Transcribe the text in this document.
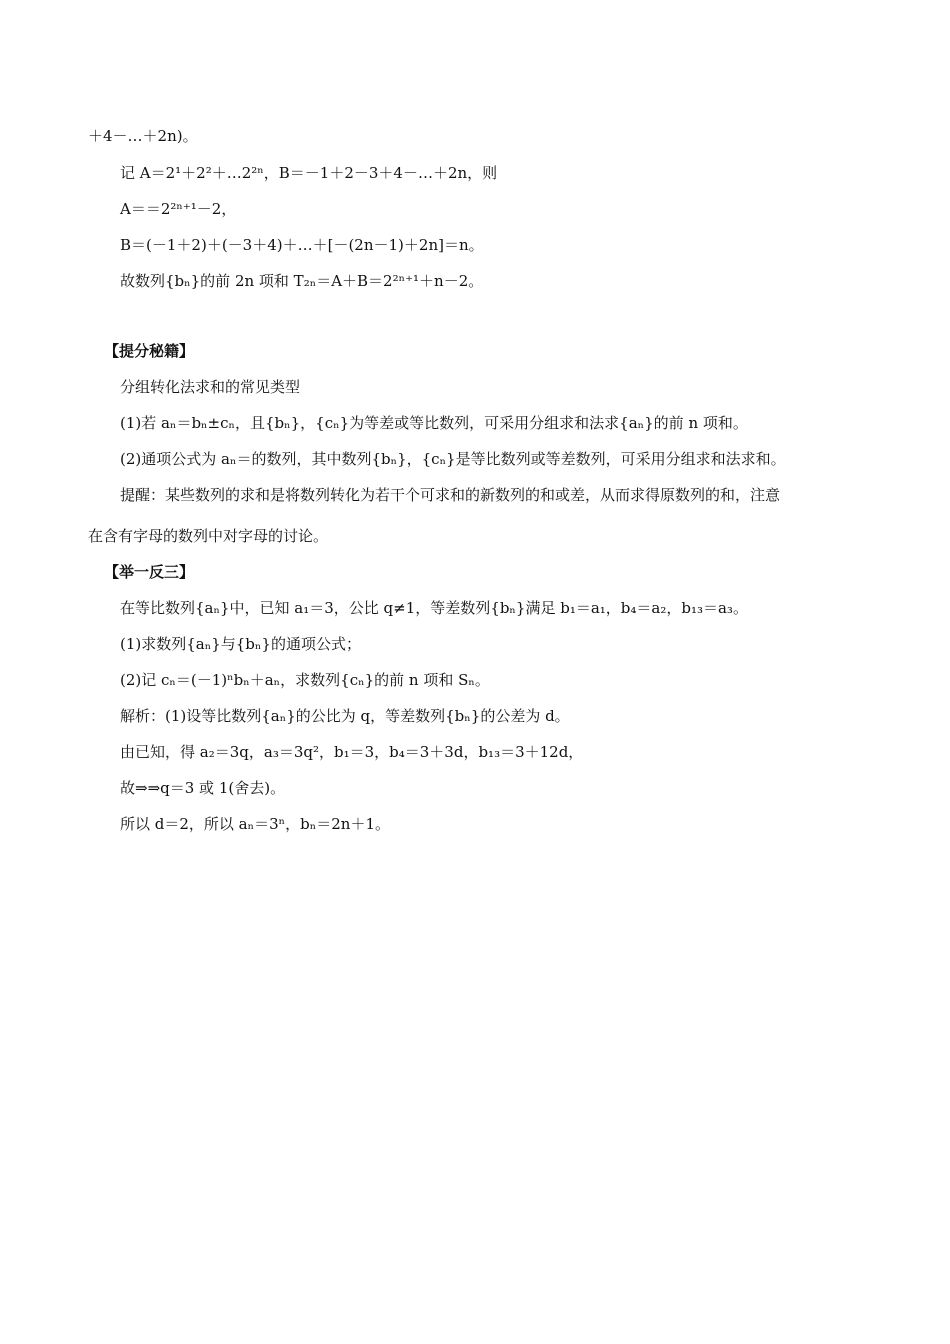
＋4－…＋2n)。
记 A＝2¹＋2²＋…2²ⁿ，B＝－1＋2－3＋4－…＋2n，则
A＝＝2²ⁿ⁺¹－2，
B＝(－1＋2)＋(－3＋4)＋…＋[－(2n－1)＋2n]＝n。
故数列{bₙ}的前 2n 项和 T₂ₙ＝A＋B＝2²ⁿ⁺¹＋n－2。
【提分秘籍】
分组转化法求和的常见类型
(1)若 aₙ＝bₙ±cₙ，且{bₙ}，{cₙ}为等差或等比数列，可采用分组求和法求{aₙ}的前 n 项和。
(2)通项公式为 aₙ＝的数列，其中数列{bₙ}，{cₙ}是等比数列或等差数列，可采用分组求和法求和。
提醒：某些数列的求和是将数列转化为若干个可求和的新数列的和或差，从而求得原数列的和，注意
在含有字母的数列中对字母的讨论。
【举一反三】
在等比数列{aₙ}中，已知 a₁＝3，公比 q≠1，等差数列{bₙ}满足 b₁＝a₁，b₄＝a₂，b₁₃＝a₃。
(1)求数列{aₙ}与{bₙ}的通项公式；
(2)记 cₙ＝(－1)ⁿbₙ＋aₙ，求数列{cₙ}的前 n 项和 Sₙ。
解析：(1)设等比数列{aₙ}的公比为 q，等差数列{bₙ}的公差为 d。
由已知，得 a₂＝3q，a₃＝3q²，b₁＝3，b₄＝3＋3d，b₁₃＝3＋12d，
故⇒⇒q＝3 或 1(舍去)。
所以 d＝2，所以 aₙ＝3ⁿ，bₙ＝2n＋1。
